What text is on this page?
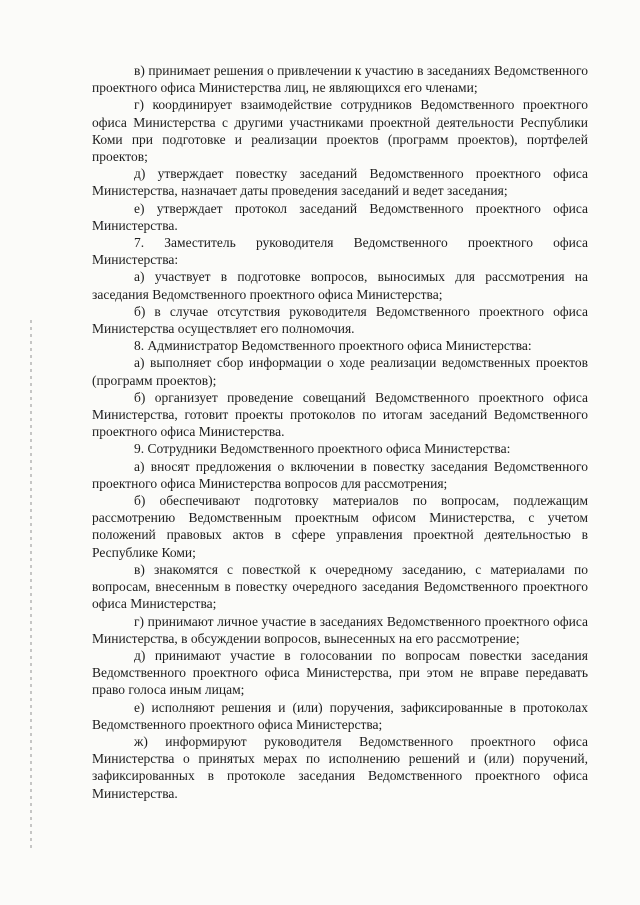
в) принимает решения о привлечении к участию в заседаниях Ведомственного проектного офиса Министерства лиц, не являющихся его членами;

г) координирует взаимодействие сотрудников Ведомственного проектного офиса Министерства с другими участниками проектной деятельности Республики Коми при подготовке и реализации проектов (программ проектов), портфелей проектов;

д) утверждает повестку заседаний Ведомственного проектного офиса Министерства, назначает даты проведения заседаний и ведет заседания;

е) утверждает протокол заседаний Ведомственного проектного офиса Министерства.

7. Заместитель руководителя Ведомственного проектного офиса Министерства:

а) участвует в подготовке вопросов, выносимых для рассмотрения на заседания Ведомственного проектного офиса Министерства;

б) в случае отсутствия руководителя Ведомственного проектного офиса Министерства осуществляет его полномочия.

8. Администратор Ведомственного проектного офиса Министерства:

а) выполняет сбор информации о ходе реализации ведомственных проектов (программ проектов);

б) организует проведение совещаний Ведомственного проектного офиса Министерства, готовит проекты протоколов по итогам заседаний Ведомственного проектного офиса Министерства.

9. Сотрудники Ведомственного проектного офиса Министерства:

а) вносят предложения о включении в повестку заседания Ведомственного проектного офиса Министерства вопросов для рассмотрения;

б) обеспечивают подготовку материалов по вопросам, подлежащим рассмотрению Ведомственным проектным офисом Министерства, с учетом положений правовых актов в сфере управления проектной деятельностью в Республике Коми;

в) знакомятся с повесткой к очередному заседанию, с материалами по вопросам, внесенным в повестку очередного заседания Ведомственного проектного офиса Министерства;

г) принимают личное участие в заседаниях Ведомственного проектного офиса Министерства, в обсуждении вопросов, вынесенных на его рассмотрение;

д) принимают участие в голосовании по вопросам повестки заседания Ведомственного проектного офиса Министерства, при этом не вправе передавать право голоса иным лицам;

е) исполняют решения и (или) поручения, зафиксированные в протоколах Ведомственного проектного офиса Министерства;

ж) информируют руководителя Ведомственного проектного офиса Министерства о принятых мерах по исполнению решений и (или) поручений, зафиксированных в протоколе заседания Ведомственного проектного офиса Министерства.
